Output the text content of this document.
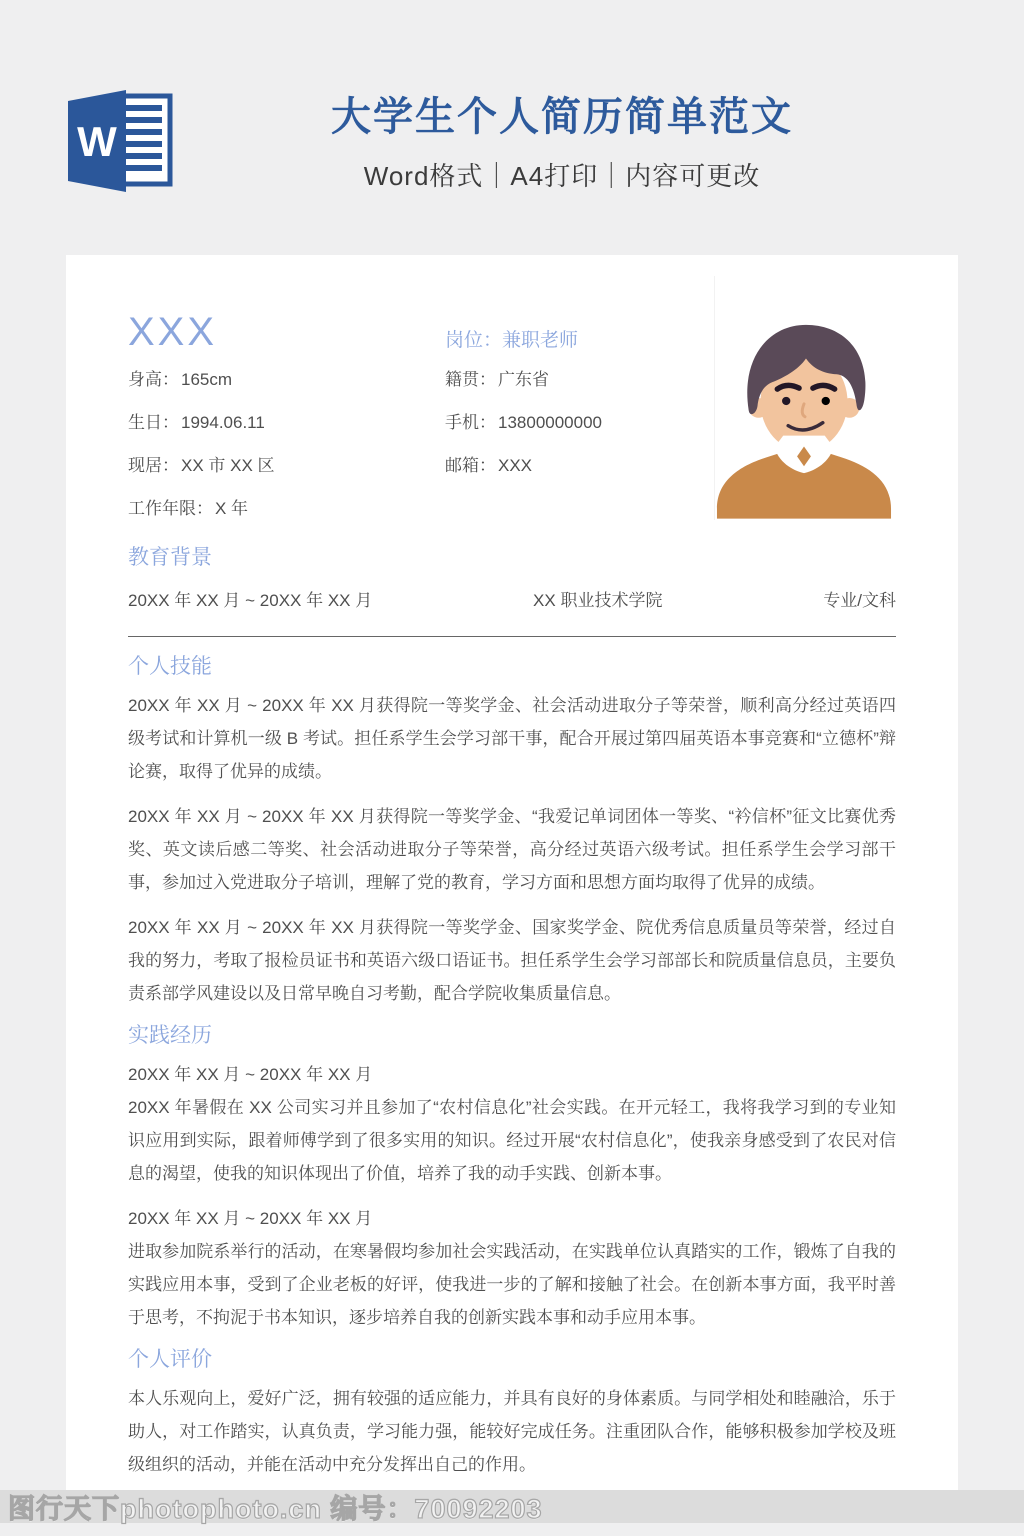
W
大学生个人简历简单范文
Word格式｜A4打印｜内容可更改
XXX
身高： 165cm
生日： 1994.06.11
现居： XX 市 XX 区
工作年限： X 年
岗位：兼职老师
籍贯： 广东省
手机： 13800000000
邮箱： XXX
教育背景
20XX 年 XX 月 ~ 20XX 年 XX 月	XX 职业技术学院	专业/文科
个人技能

20XX 年 XX 月 ~ 20XX 年 XX 月获得院一等奖学金、社会活动进取分子等荣誉，顺利高分经过英语四级考试和计算机一级 B 考试。担任系学生会学习部干事，配合开展过第四届英语本事竞赛和“立德杯”辩论赛，取得了优异的成绩。

20XX 年 XX 月 ~ 20XX 年 XX 月获得院一等奖学金、“我爱记单词团体一等奖、“衿信杯”征文比赛优秀奖、英文读后感二等奖、社会活动进取分子等荣誉，高分经过英语六级考试。担任系学生会学习部干事，参加过入党进取分子培训，理解了党的教育，学习方面和思想方面均取得了优异的成绩。

20XX 年 XX 月 ~ 20XX 年 XX 月获得院一等奖学金、国家奖学金、院优秀信息质量员等荣誉，经过自我的努力，考取了报检员证书和英语六级口语证书。担任系学生会学习部部长和院质量信息员，主要负责系部学风建设以及日常早晚自习考勤，配合学院收集质量信息。

实践经历
20XX 年 XX 月 ~ 20XX 年 XX 月

20XX 年暑假在 XX 公司实习并且参加了“农村信息化”社会实践。在开元轻工，我将我学习到的专业知识应用到实际，跟着师傅学到了很多实用的知识。经过开展“农村信息化”，使我亲身感受到了农民对信息的渴望，使我的知识体现出了价值，培养了我的动手实践、创新本事。

20XX 年 XX 月 ~ 20XX 年 XX 月

进取参加院系举行的活动，在寒暑假均参加社会实践活动，在实践单位认真踏实的工作，锻炼了自我的实践应用本事，受到了企业老板的好评，使我进一步的了解和接触了社会。在创新本事方面，我平时善于思考，不拘泥于书本知识，逐步培养自我的创新实践本事和动手应用本事。

个人评价

本人乐观向上，爱好广泛，拥有较强的适应能力，并具有良好的身体素质。与同学相处和睦融洽，乐于助人，对工作踏实，认真负责，学习能力强，能较好完成任务。注重团队合作，能够积极参加学校及班级组织的活动，并能在活动中充分发挥出自己的作用。

图行天下photophoto.cn 编号：70092203
